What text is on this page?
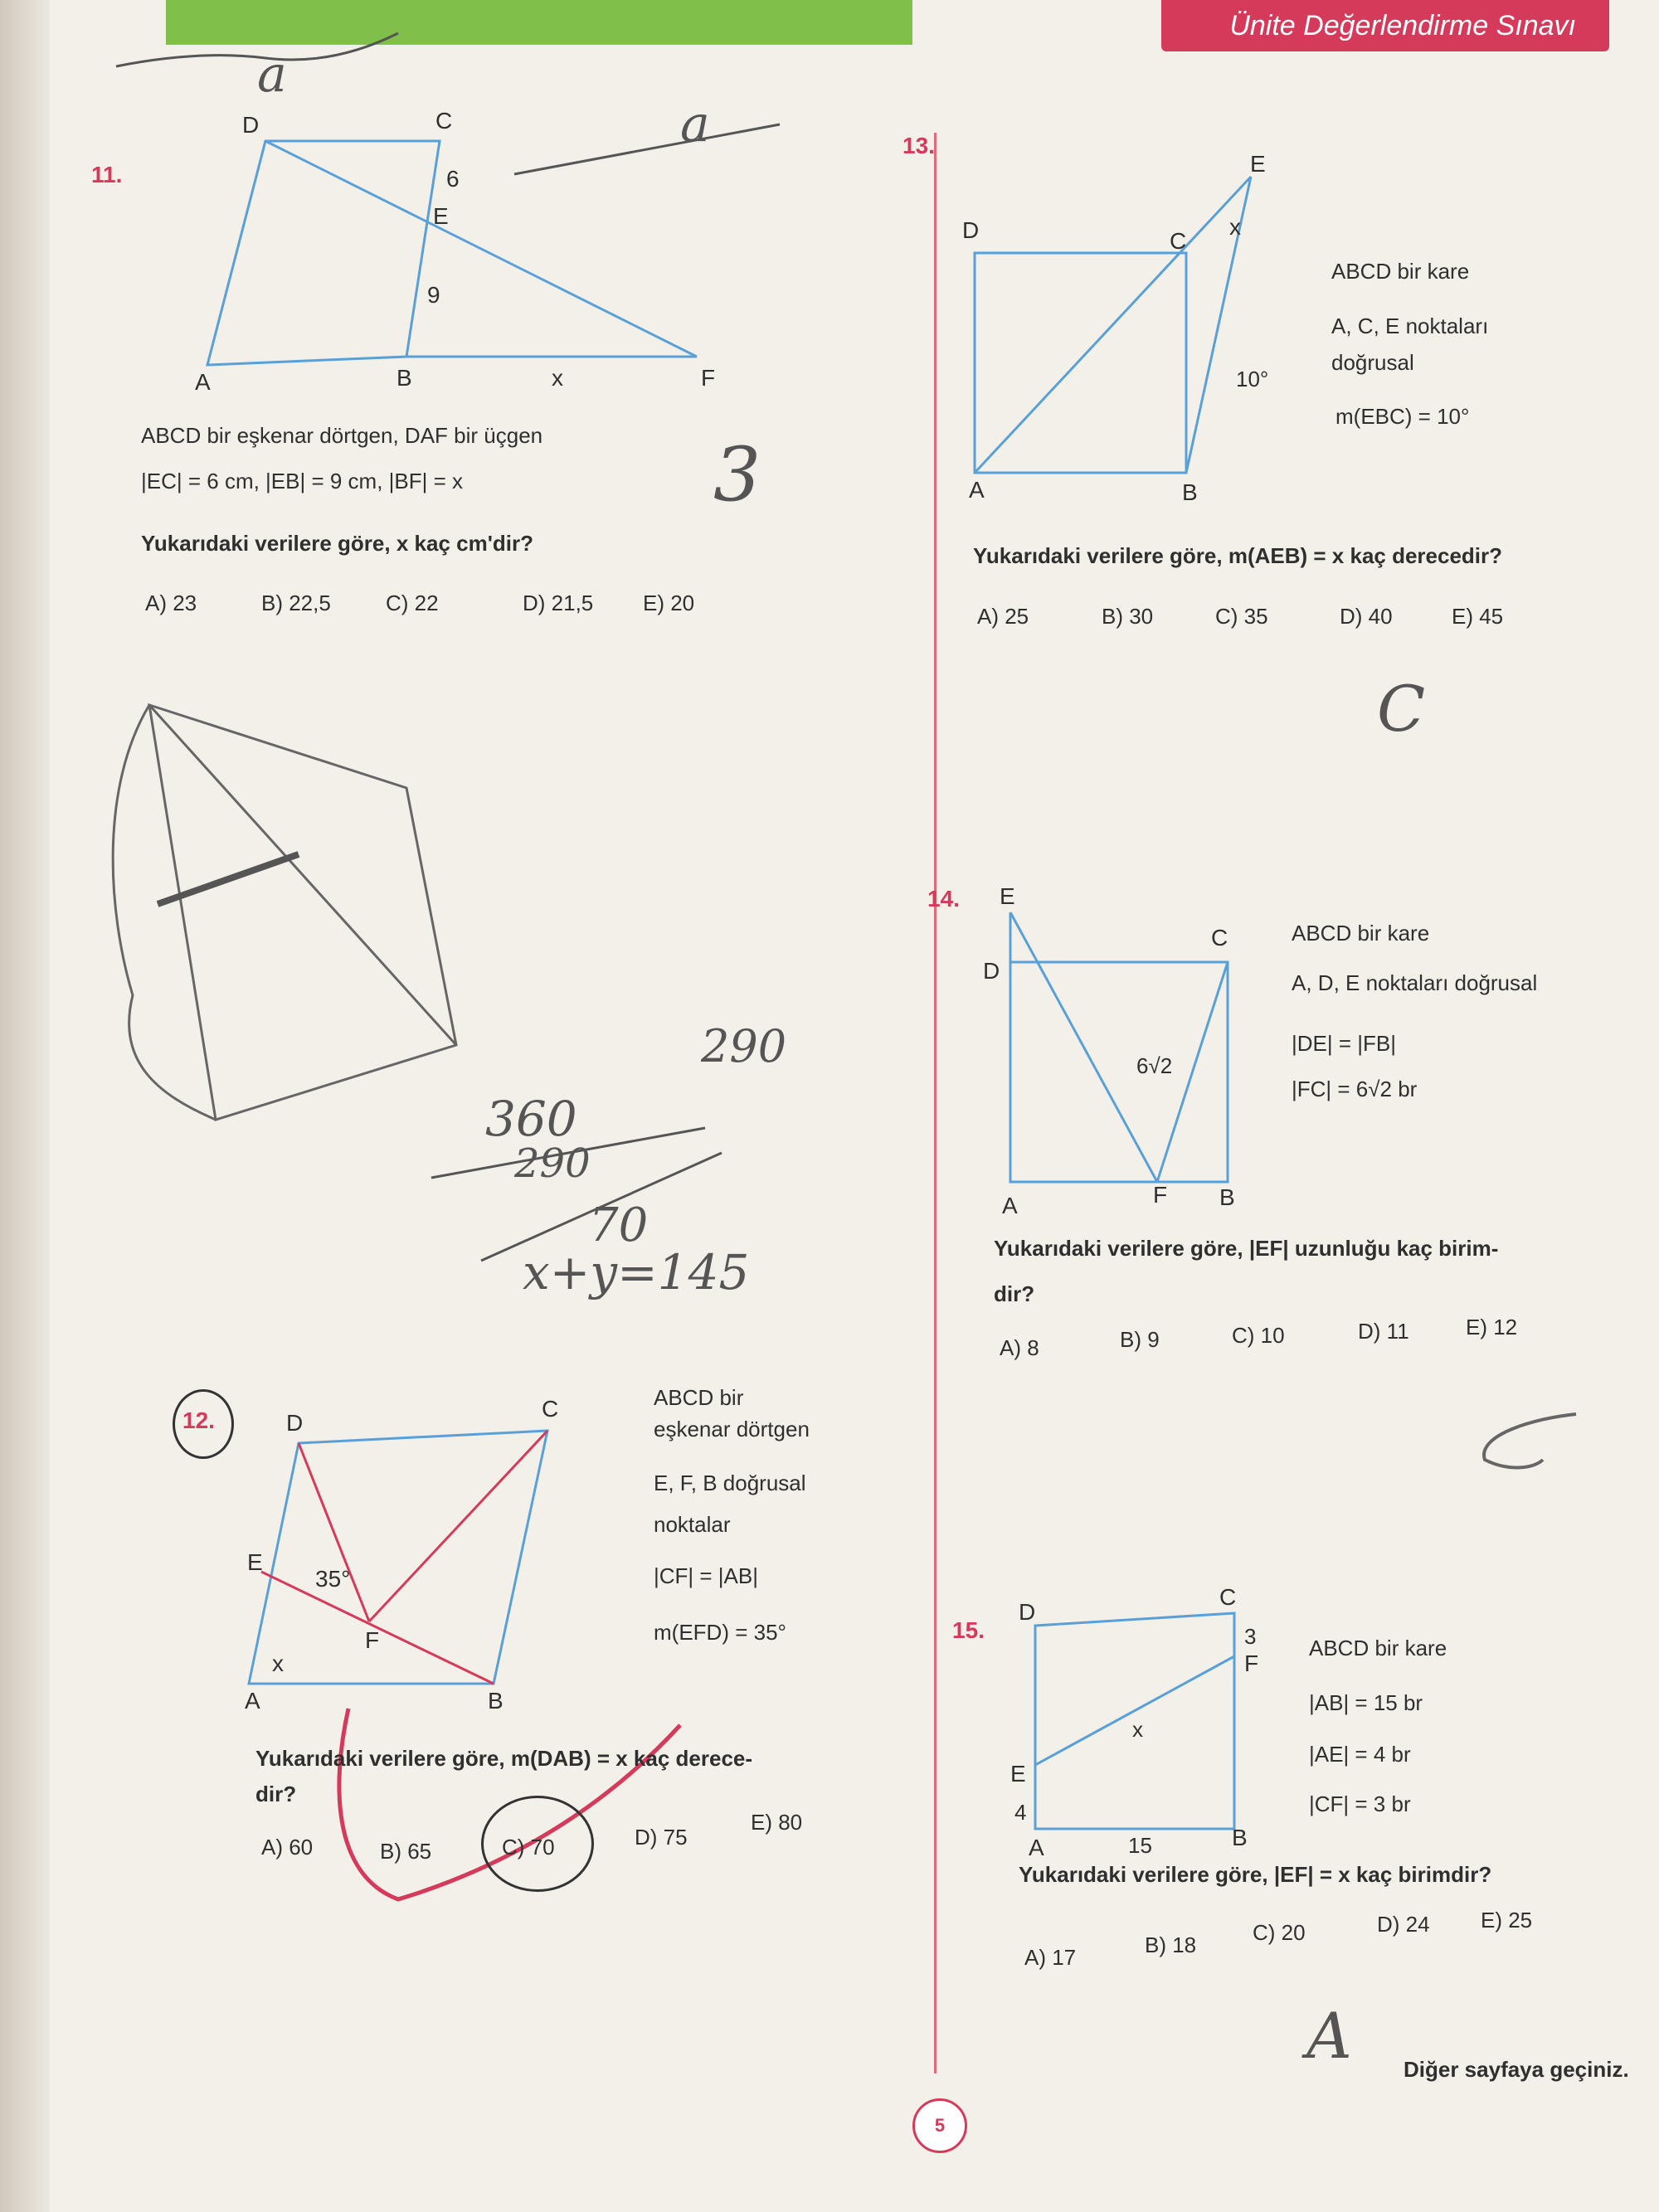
Ünite Değerlendirme Sınavı
11.
D	C
A	B
E
F
6
9
x
a
a
3
ABCD bir eşkenar dörtgen, DAF bir üçgen
|EC| = 6 cm, |EB| = 9 cm, |BF| = x
Yukarıdaki verilere göre, x kaç cm'dir?
A) 23	B) 22,5	C) 22	D) 21,5 E) 20
290
360
290
70
x+y=145
12.	D
C
A	B
E
F
x
35°
ABCD bir
eşkenar dörtgen
E, F, B doğrusal
noktalar
|CF| = |AB|
m(EFD) = 35°
Yukarıdaki verilere göre, m(DAB) = x kaç derece-
dir?
A) 60	B) 65	C) 70	D) 75
E) 80
13.
D	C
A	B
E
x
10°
ABCD bir kare
A, C, E noktaları
doğrusal
m(EBC) = 10°
Yukarıdaki verilere göre, m(AEB) = x kaç derecedir?
A) 25	B) 30	C) 35	D) 40	E) 45
C
14. E
D
C
A	F B
6√2
ABCD bir kare
A, D, E noktaları doğrusal
|DE| = |FB|
|FC| = 6√2 br
Yukarıdaki verilere göre, |EF| uzunluğu kaç birim-
dir?
A) 8	B) 9	C) 10	D) 11	E) 12
15.
D
C
A	B
E
F
3
4
15
x
ABCD bir kare
|AB| = 15 br
|AE| = 4 br
|CF| = 3 br
Yukarıdaki verilere göre, |EF| = x kaç birimdir?
A) 17	B) 18	C) 20	D) 24 E) 25
A
5
Diğer sayfaya geçiniz.
